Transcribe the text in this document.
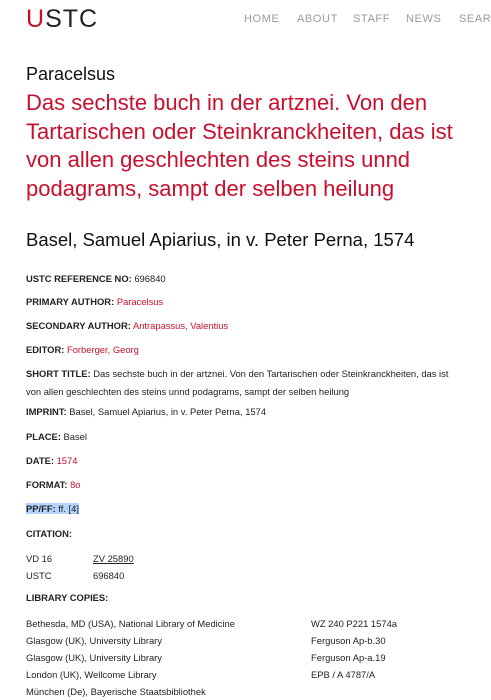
USTC	HOME ABOUT STAFF NEWS SEAR
Paracelsus
Das sechste buch in der artznei. Von den Tartarischen oder Steinkranckheiten, das ist von allen geschlechten des steins unnd podagrams, sampt der selben heilung
Basel, Samuel Apiarius, in v. Peter Perna, 1574
USTC REFERENCE NO: 696840
PRIMARY AUTHOR: Paracelsus
SECONDARY AUTHOR: Antrapassus, Valentius
EDITOR: Forberger, Georg
SHORT TITLE: Das sechste buch in der artznei. Von den Tartarischen oder Steinkranckheiten, das ist von allen geschlechten des steins unnd podagrams, sampt der selben heilung
IMPRINT: Basel, Samuel Apiarius, in v. Peter Perna, 1574
PLACE: Basel
DATE: 1574
FORMAT: 8o
PP/FF: ff. [4]
CITATION:
VD 16	ZV 25890
USTC	696840
LIBRARY COPIES:
Bethesda, MD (USA), National Library of Medicine	WZ 240 P221 1574a
Glasgow (UK), University Library	Ferguson Ap-b.30
Glasgow (UK), University Library	Ferguson Ap-a.19
London (UK), Wellcome Library	EPB / A 4787/A
München (De), Bayerische Staatsbibliothek
